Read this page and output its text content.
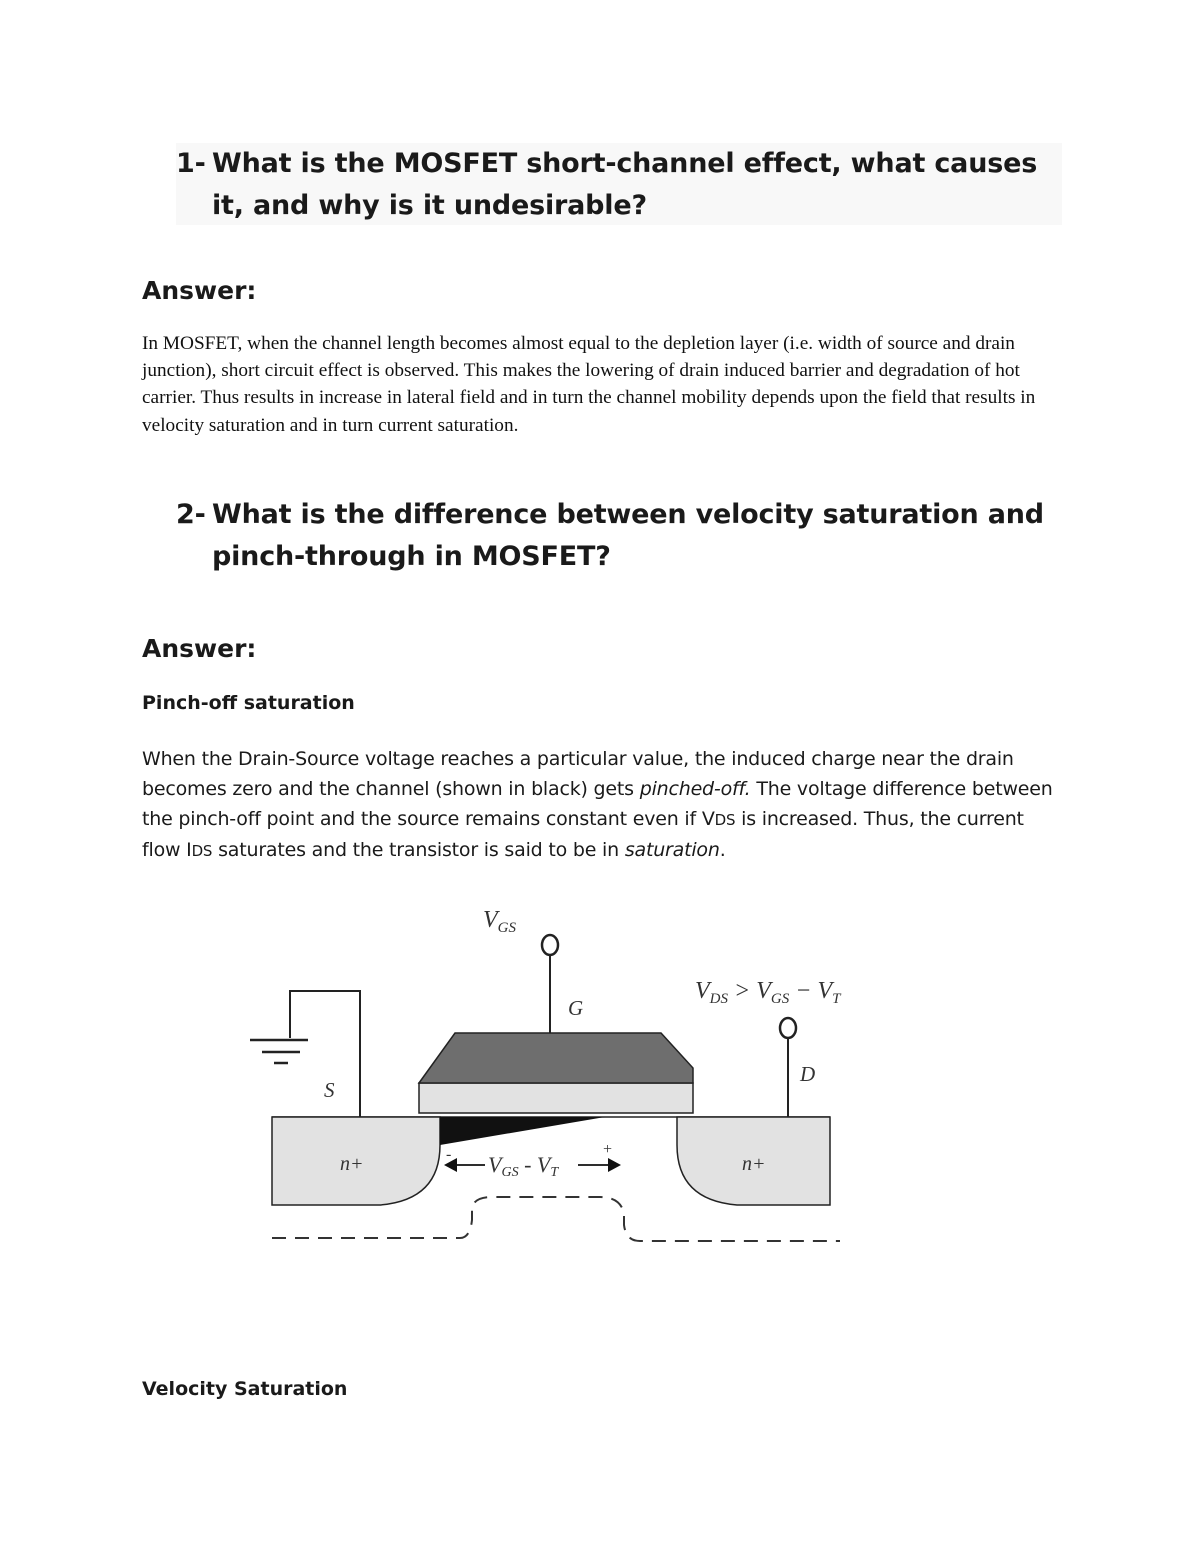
1- What is the MOSFET short-channel effect, what causes it, and why is it undesirable?
Answer:
In MOSFET, when the channel length becomes almost equal to the depletion layer (i.e. width of source and drain junction), short circuit effect is observed. This makes the lowering of drain induced barrier and degradation of hot carrier. Thus results in increase in lateral field and in turn the channel mobility depends upon the field that results in velocity saturation and in turn current saturation.
2- What is the difference between velocity saturation and pinch-through in MOSFET?
Answer:
Pinch-off saturation
When the Drain-Source voltage reaches a particular value, the induced charge near the drain becomes zero and the channel (shown in black) gets pinched-off. The voltage difference between the pinch-off point and the source remains constant even if VDS is increased. Thus, the current flow IDS saturates and the transistor is said to be in saturation.
$V_{GS}$
G
$V_{DS} > V_{GS} - V_T$
D
S
n+	n+
VGS - VT
-	+
Velocity Saturation
